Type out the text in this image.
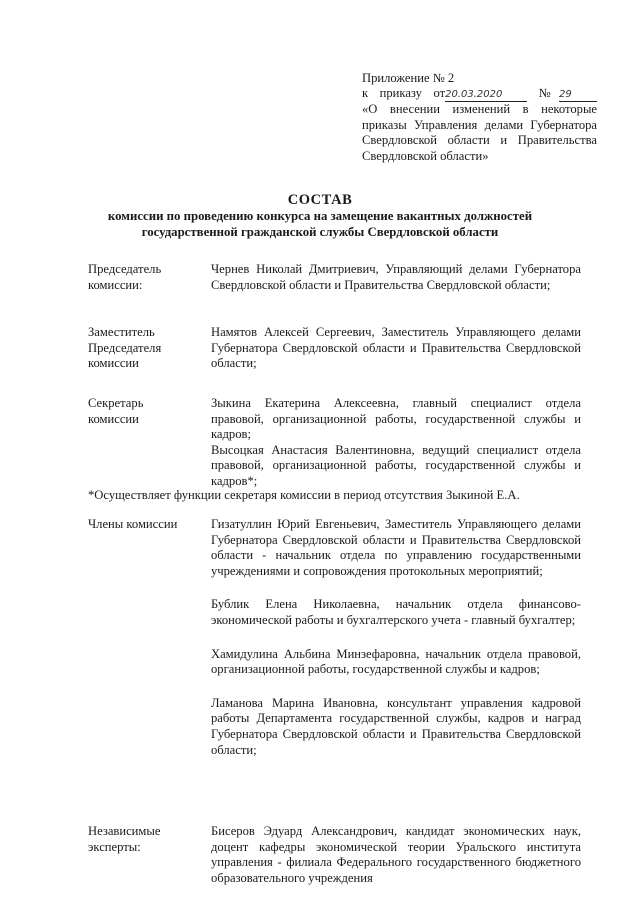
Приложение № 2
к приказу от20.03.2020	№29
«О внесении изменений в некоторые приказы Управления делами Губернатора Свердловской области и Правительства Свердловской области»
СОСТАВ
комиссии по проведению конкурса на замещение вакантных должностей государственной гражданской службы Свердловской области
Председатель
комиссии:

Чернев Николай Дмитриевич, Управляющий делами Губернатора Свердловской области и Правительства Свердловской области;

Заместитель
Председателя
комиссии

Намятов Алексей Сергеевич, Заместитель Управляющего делами Губернатора Свердловской области и Правительства Свердловской области;

Секретарь
комиссии

Зыкина Екатерина Алексеевна, главный специалист отдела правовой, организационной работы, государственной службы и кадров;

Высоцкая Анастасия Валентиновна, ведущий специалист отдела правовой, организационной работы, государственной службы и кадров*;

*Осуществляет функции секретаря комиссии в период отсутствия Зыкиной Е.А.
Члены комиссии	Гизатуллин Юрий Евгеньевич, Заместитель Управляющего делами Губернатора Свердловской области и Правительства Свердловской области - начальник отдела по управлению государственными учреждениями и сопровождения протокольных мероприятий;

Бублик Елена Николаевна, начальник отдела финансово-экономической работы и бухгалтерского учета - главный бухгалтер;

Хамидулина Альбина Минзефаровна, начальник отдела правовой, организационной работы, государственной службы и кадров;

Ламанова Марина Ивановна, консультант управления кадровой работы Департамента государственной службы, кадров и наград Губернатора Свердловской области и Правительства Свердловской области;

Независимые
эксперты:

Бисеров Эдуард Александрович, кандидат экономических наук, доцент кафедры экономической теории Уральского института управления - филиала Федерального государственного бюджетного образовательного учреждения
